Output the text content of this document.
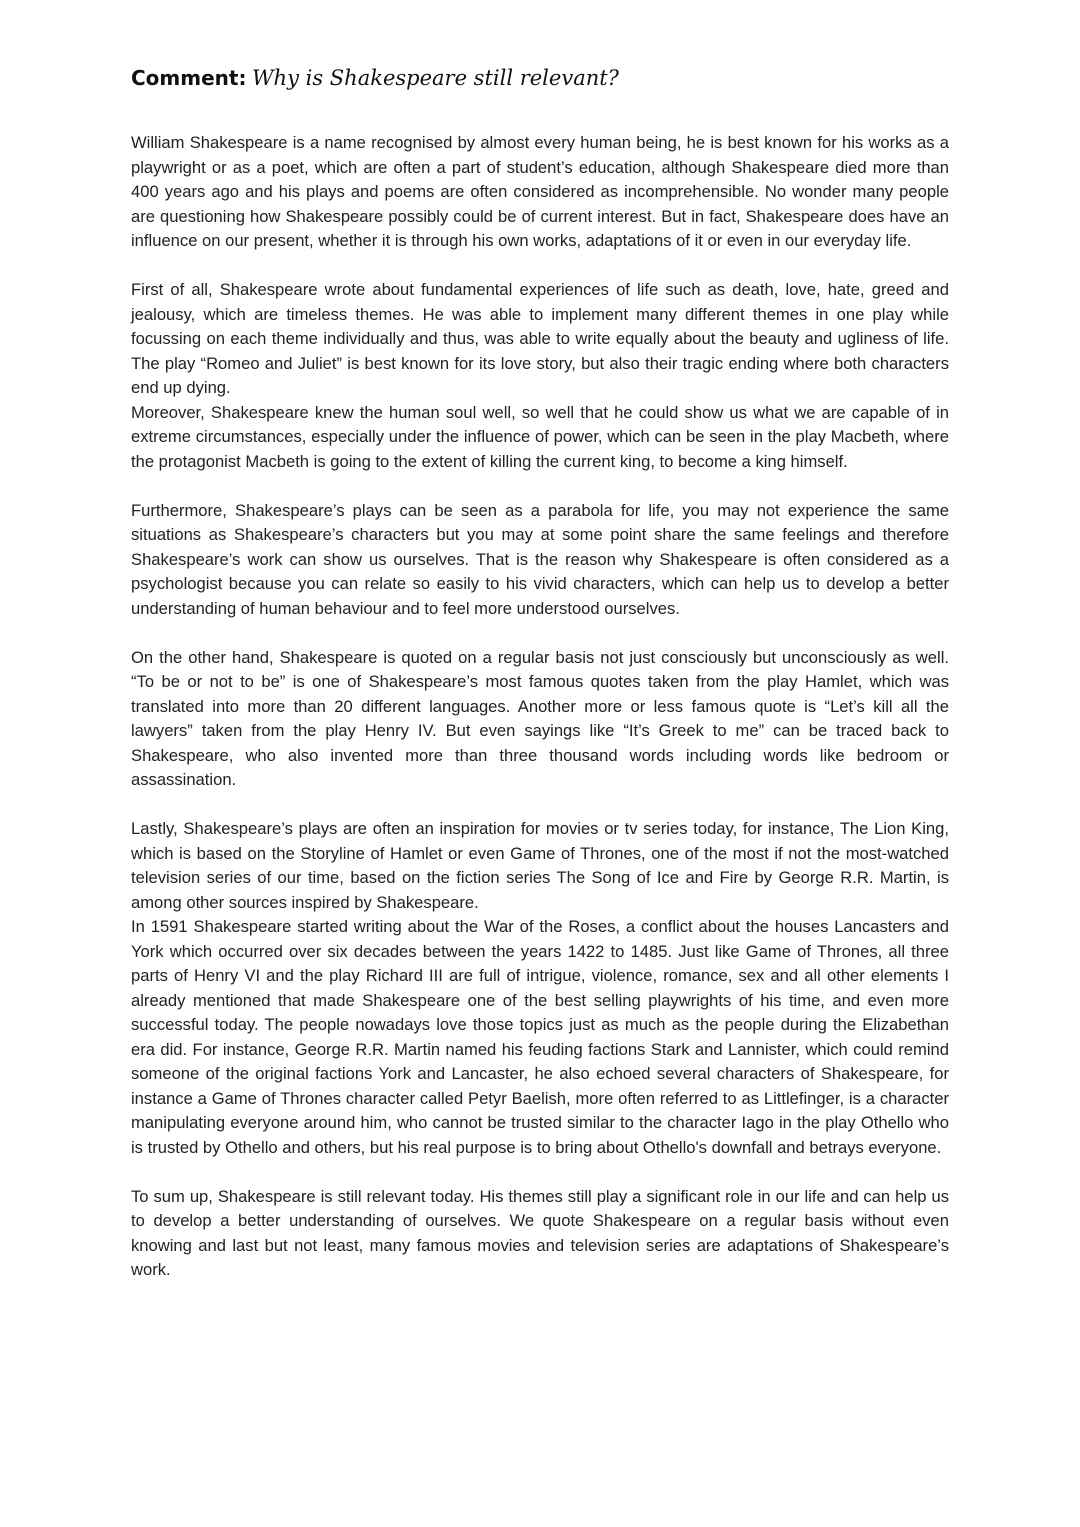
Comment: Why is Shakespeare still relevant?

William Shakespeare is a name recognised by almost every human being, he is best known for his works as a playwright or as a poet, which are often a part of student’s education, although Shakespeare died more than 400 years ago and his plays and poems are often considered as incomprehensible. No wonder many people are questioning how Shakespeare possibly could be of current interest. But in fact, Shakespeare does have an influence on our present, whether it is through his own works, adaptations of it or even in our everyday life.

First of all, Shakespeare wrote about fundamental experiences of life such as death, love, hate, greed and jealousy, which are timeless themes. He was able to implement many different themes in one play while focussing on each theme individually and thus, was able to write equally about the beauty and ugliness of life. The play “Romeo and Juliet” is best known for its love story, but also their tragic ending where both characters end up dying.

Moreover, Shakespeare knew the human soul well, so well that he could show us what we are capable of in extreme circumstances, especially under the influence of power, which can be seen in the play Macbeth, where the protagonist Macbeth is going to the extent of killing the current king, to become a king himself.

Furthermore, Shakespeare’s plays can be seen as a parabola for life, you may not experience the same situations as Shakespeare’s characters but you may at some point share the same feelings and therefore Shakespeare’s work can show us ourselves. That is the reason why Shakespeare is often considered as a psychologist because you can relate so easily to his vivid characters, which can help us to develop a better understanding of human behaviour and to feel more understood ourselves.

On the other hand, Shakespeare is quoted on a regular basis not just consciously but unconsciously as well. “To be or not to be” is one of Shakespeare’s most famous quotes taken from the play Hamlet, which was translated into more than 20 different languages. Another more or less famous quote is “Let’s kill all the lawyers” taken from the play Henry IV. But even sayings like “It’s Greek to me” can be traced back to Shakespeare, who also invented more than three thousand words including words like bedroom or assassination.

Lastly, Shakespeare’s plays are often an inspiration for movies or tv series today, for instance, The Lion King, which is based on the Storyline of Hamlet or even Game of Thrones, one of the most if not the most-watched television series of our time, based on the fiction series The Song of Ice and Fire by George R.R. Martin, is among other sources inspired by Shakespeare.

In 1591 Shakespeare started writing about the War of the Roses, a conflict about the houses Lancasters and York which occurred over six decades between the years 1422 to 1485. Just like Game of Thrones, all three parts of Henry VI and the play Richard III are full of intrigue, violence, romance, sex and all other elements I already mentioned that made Shakespeare one of the best selling playwrights of his time, and even more successful today. The people nowadays love those topics just as much as the people during the Elizabethan era did. For instance, George R.R. Martin named his feuding factions Stark and Lannister, which could remind someone of the original factions York and Lancaster, he also echoed several characters of Shakespeare, for instance a Game of Thrones character called Petyr Baelish, more often referred to as Littlefinger, is a character manipulating everyone around him, who cannot be trusted similar to the character Iago in the play Othello who is trusted by Othello and others, but his real purpose is to bring about Othello's downfall and betrays everyone.

To sum up, Shakespeare is still relevant today. His themes still play a significant role in our life and can help us to develop a better understanding of ourselves. We quote Shakespeare on a regular basis without even knowing and last but not least, many famous movies and television series are adaptations of Shakespeare’s work.
